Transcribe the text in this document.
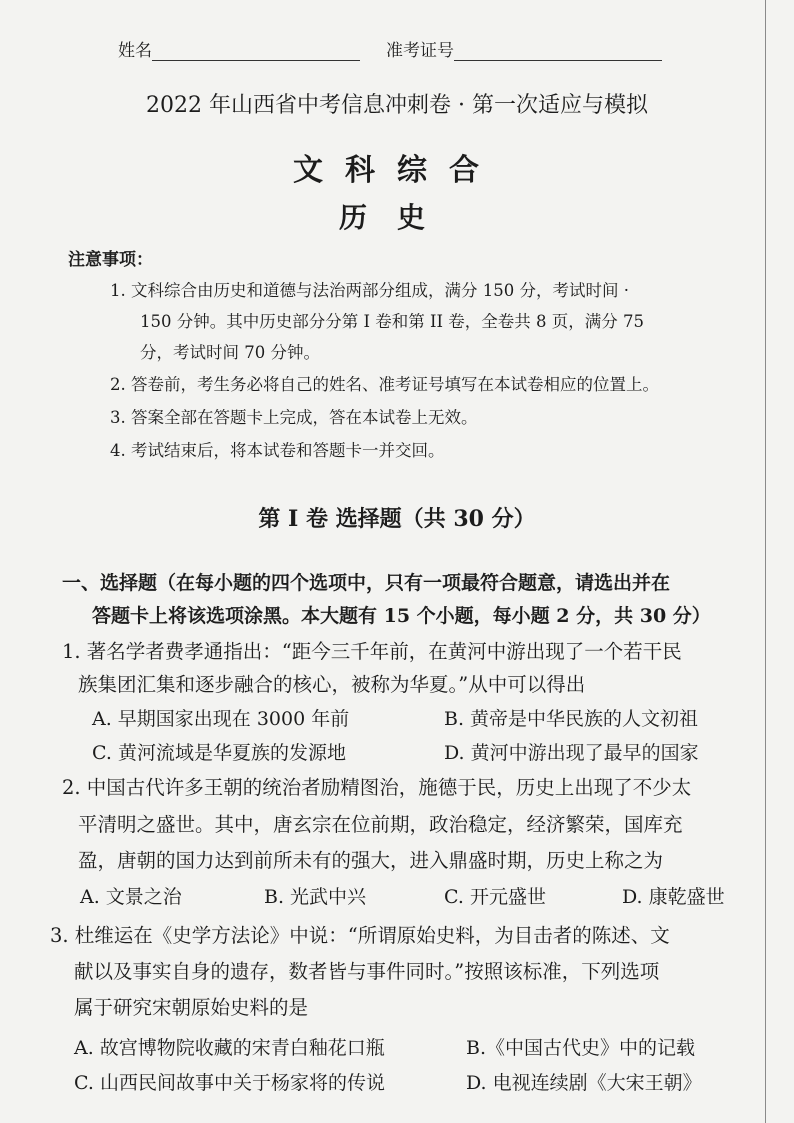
姓名	准考证号
2022 年山西省中考信息冲刺卷 · 第一次适应与模拟
文科综合
历史
注意事项：
1. 文科综合由历史和道德与法治两部分组成，满分 150 分，考试时间 ·
150 分钟。其中历史部分分第 I 卷和第 II 卷，全卷共 8 页，满分 75
分，考试时间 70 分钟。
2. 答卷前，考生务必将自己的姓名、准考证号填写在本试卷相应的位置上。
3. 答案全部在答题卡上完成，答在本试卷上无效。
4. 考试结束后，将本试卷和答题卡一并交回。
第 I 卷 选择题（共 30 分）
一、选择题（在每小题的四个选项中，只有一项最符合题意，请选出并在
答题卡上将该选项涂黑。本大题有 15 个小题，每小题 2 分，共 30 分）
1. 著名学者费孝通指出：“距今三千年前，在黄河中游出现了一个若干民
族集团汇集和逐步融合的核心，被称为华夏。”从中可以得出
A. 早期国家出现在 3000 年前	B. 黄帝是中华民族的人文初祖
C. 黄河流域是华夏族的发源地	D. 黄河中游出现了最早的国家
2. 中国古代许多王朝的统治者励精图治，施德于民，历史上出现了不少太
平清明之盛世。其中，唐玄宗在位前期，政治稳定，经济繁荣，国库充
盈，唐朝的国力达到前所未有的强大，进入鼎盛时期，历史上称之为
A. 文景之治	B. 光武中兴	C. 开元盛世	D. 康乾盛世
3. 杜维运在《史学方法论》中说：“所谓原始史料，为目击者的陈述、文
献以及事实自身的遗存，数者皆与事件同时。”按照该标准，下列选项
属于研究宋朝原始史料的是
A. 故宫博物院收藏的宋青白釉花口瓶	B.《中国古代史》中的记载
C. 山西民间故事中关于杨家将的传说	D. 电视连续剧《大宋王朝》
